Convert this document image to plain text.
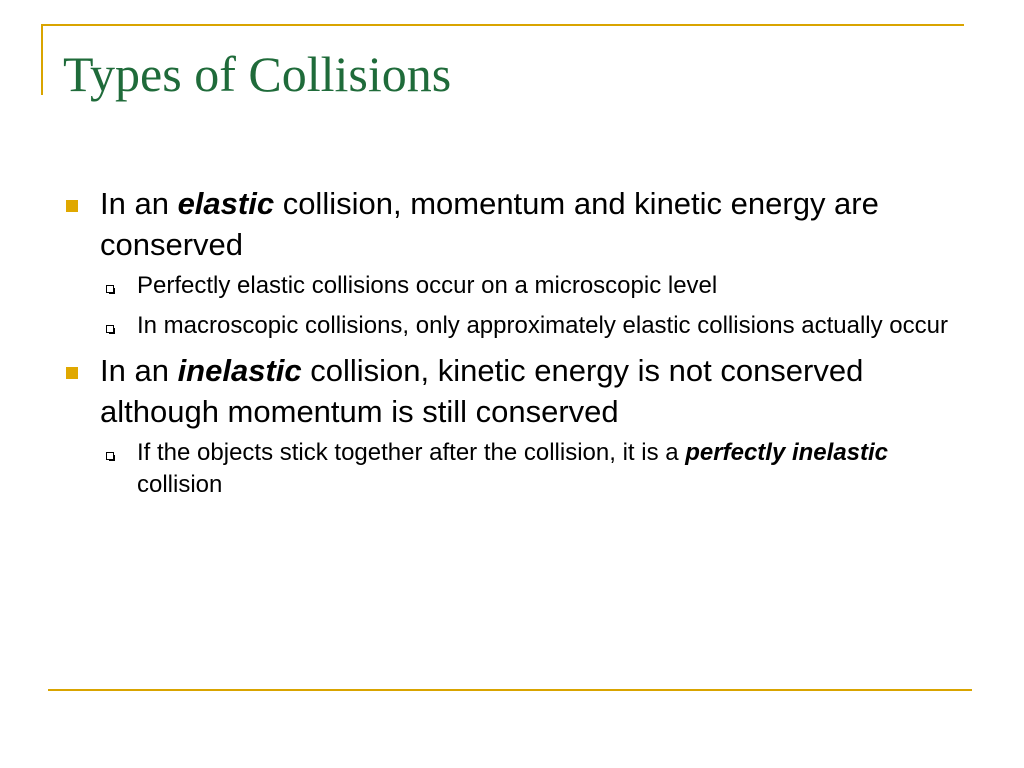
Types of Collisions
In an elastic collision, momentum and kinetic energy are conserved
Perfectly elastic collisions occur on a microscopic level
In macroscopic collisions, only approximately elastic collisions actually occur
In an inelastic collision, kinetic energy is not conserved although momentum is still conserved
If the objects stick together after the collision, it is a perfectly inelastic collision
